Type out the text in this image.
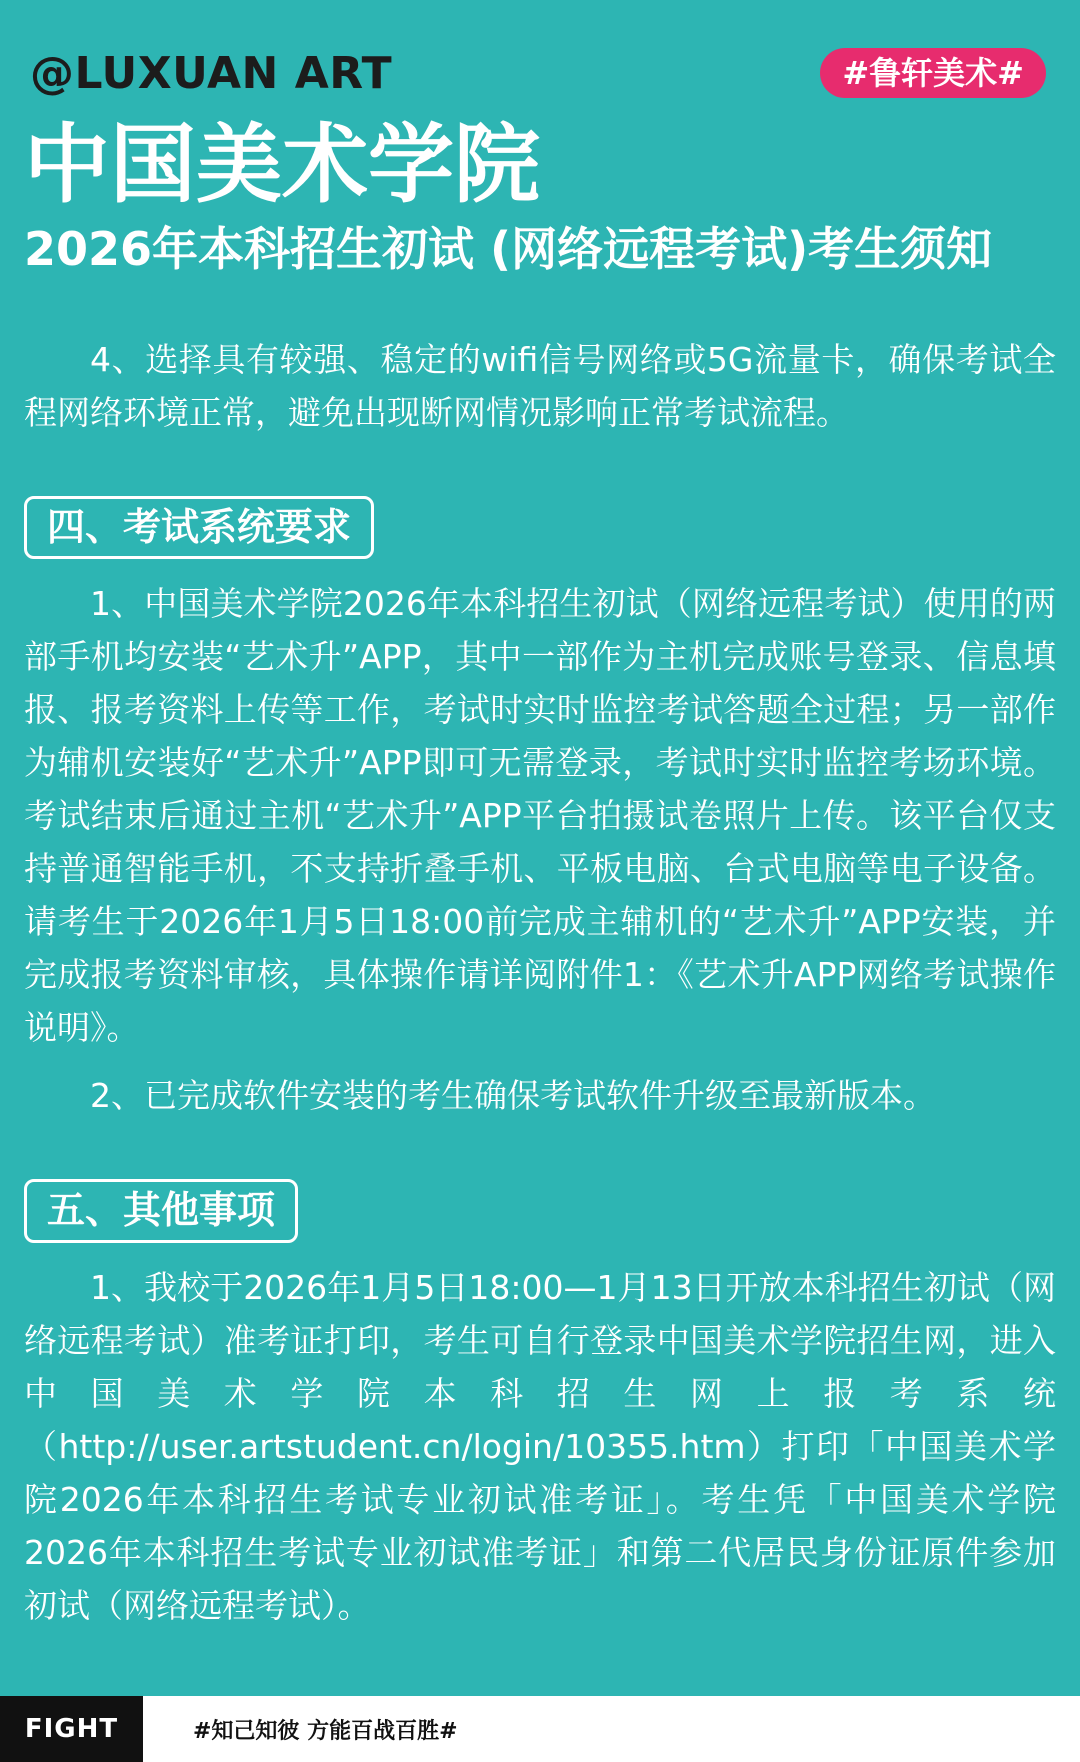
@LUXUAN ART	#鲁轩美术#
中国美术学院
2026年本科招生初试 (网络远程考试)考生须知

4、选择具有较强、稳定的wifi信号网络或5G流量卡，确保考试全程网络环境正常，避免出现断网情况影响正常考试流程。

四、考试系统要求

1、中国美术学院2026年本科招生初试（网络远程考试）使用的两部手机均安装“艺术升”APP，其中一部作为主机完成账号登录、信息填报、报考资料上传等工作，考试时实时监控考试答题全过程；另一部作为辅机安装好“艺术升”APP即可无需登录，考试时实时监控考场环境。考试结束后通过主机“艺术升”APP平台拍摄试卷照片上传。该平台仅支持普通智能手机，不支持折叠手机、平板电脑、台式电脑等电子设备。请考生于2026年1月5日18:00前完成主辅机的“艺术升”APP安装，并完成报考资料审核，具体操作请详阅附件1：《艺术升APP网络考试操作说明》。

2、已完成软件安装的考生确保考试软件升级至最新版本。

五、其他事项

1、我校于2026年1月5日18:00—1月13日开放本科招生初试（网络远程考试）准考证打印，考生可自行登录中国美术学院招生网，进入中国美术学院本科招生网上报考系统（http://user.artstudent.cn/login/10355.htm）打印「中国美术学院2026年本科招生考试专业初试准考证」。考生凭「中国美术学院2026年本科招生考试专业初试准考证」和第二代居民身份证原件参加初试（网络远程考试）。

FIGHT	#知己知彼 方能百战百胜#
